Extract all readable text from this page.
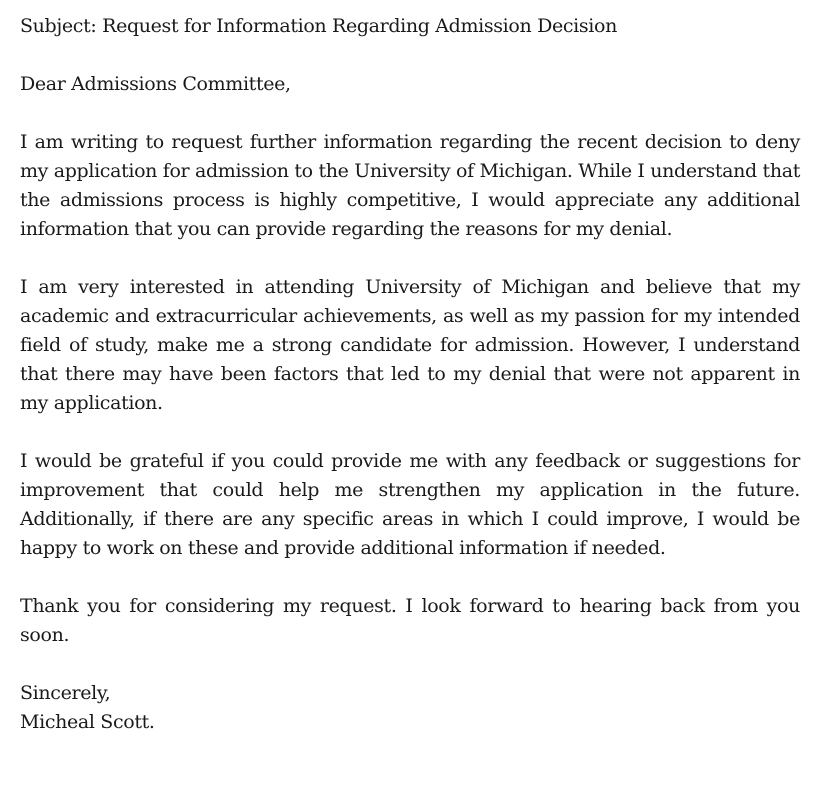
Subject: Request for Information Regarding Admission Decision

Dear Admissions Committee,

I am writing to request further information regarding the recent decision to deny my application for admission to the University of Michigan. While I understand that the admissions process is highly competitive, I would appreciate any additional information that you can provide regarding the reasons for my denial.

I am very interested in attending University of Michigan and believe that my academic and extracurricular achievements, as well as my passion for my intended field of study, make me a strong candidate for admission. However, I understand that there may have been factors that led to my denial that were not apparent in my application.

I would be grateful if you could provide me with any feedback or suggestions for improvement that could help me strengthen my application in the future. Additionally, if there are any specific areas in which I could improve, I would be happy to work on these and provide additional information if needed.

Thank you for considering my request. I look forward to hearing back from you soon.

Sincerely,

Micheal Scott.
